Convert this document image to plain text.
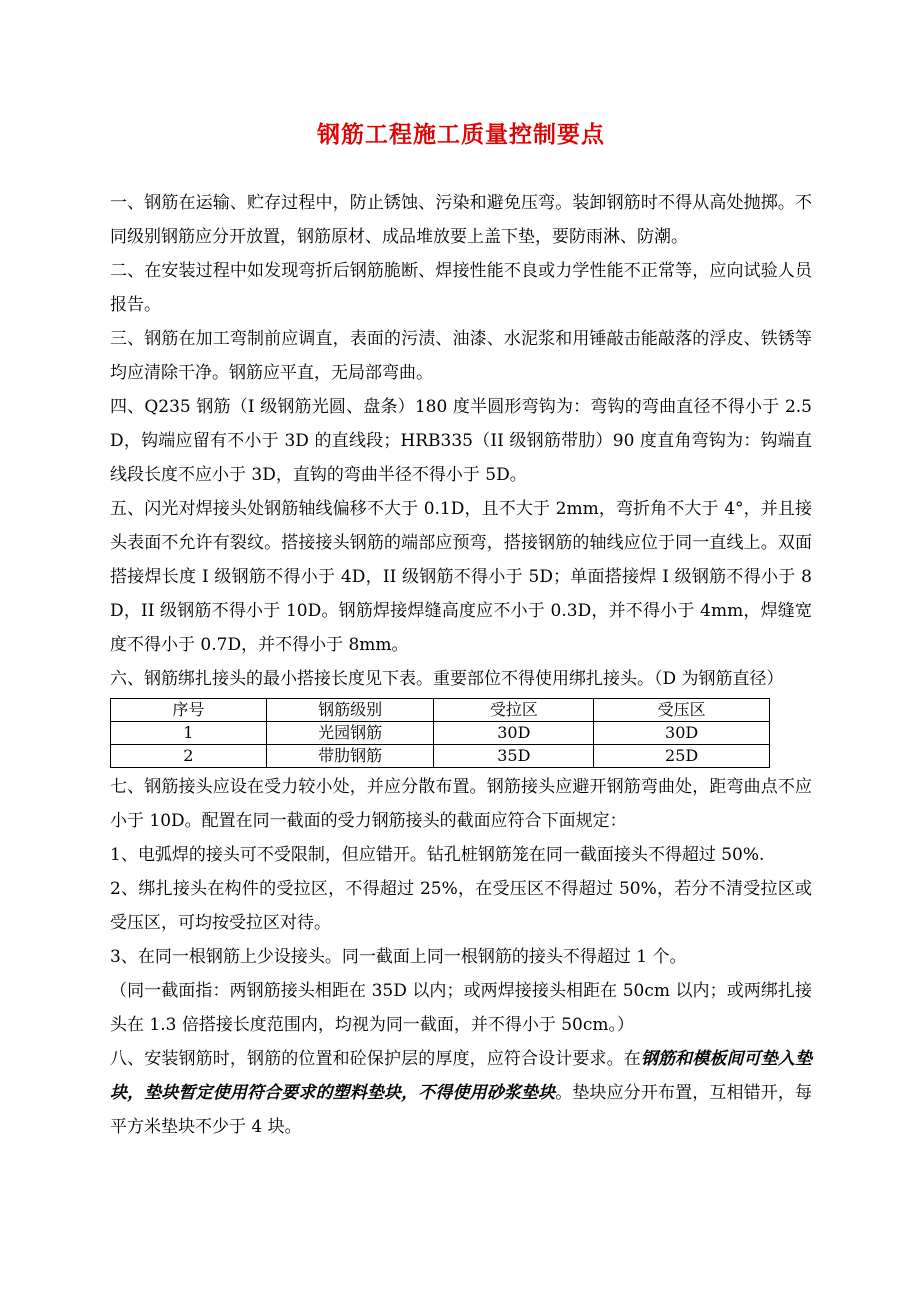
钢筋工程施工质量控制要点

一、钢筋在运输、贮存过程中，防止锈蚀、污染和避免压弯。装卸钢筋时不得从高处抛掷。不同级别钢筋应分开放置，钢筋原材、成品堆放要上盖下垫，要防雨淋、防潮。

二、在安装过程中如发现弯折后钢筋脆断、焊接性能不良或力学性能不正常等，应向试验人员报告。

三、钢筋在加工弯制前应调直，表面的污渍、油漆、水泥浆和用锤敲击能敲落的浮皮、铁锈等均应清除干净。钢筋应平直，无局部弯曲。

四、Q235 钢筋（I 级钢筋光圆、盘条）180 度半圆形弯钩为：弯钩的弯曲直径不得小于 2.5D，钩端应留有不小于 3D 的直线段；HRB335（II 级钢筋带肋）90 度直角弯钩为：钩端直线段长度不应小于 3D，直钩的弯曲半径不得小于 5D。

五、闪光对焊接头处钢筋轴线偏移不大于 0.1D，且不大于 2mm，弯折角不大于 4°，并且接头表面不允许有裂纹。搭接接头钢筋的端部应预弯，搭接钢筋的轴线应位于同一直线上。双面搭接焊长度 I 级钢筋不得小于 4D，II 级钢筋不得小于 5D；单面搭接焊 I 级钢筋不得小于 8D，II 级钢筋不得小于 10D。钢筋焊接焊缝高度应不小于 0.3D，并不得小于 4mm，焊缝宽度不得小于 0.7D，并不得小于 8mm。

六、钢筋绑扎接头的最小搭接长度见下表。重要部位不得使用绑扎接头。（D 为钢筋直径）

序号	钢筋级别	受拉区	受压区
1	光园钢筋	30D	30D
2	带肋钢筋	35D	25D

七、钢筋接头应设在受力较小处，并应分散布置。钢筋接头应避开钢筋弯曲处，距弯曲点不应小于 10D。配置在同一截面的受力钢筋接头的截面应符合下面规定：

1、电弧焊的接头可不受限制，但应错开。钻孔桩钢筋笼在同一截面接头不得超过 50%.

2、绑扎接头在构件的受拉区，不得超过 25%，在受压区不得超过 50%，若分不清受拉区或受压区，可均按受拉区对待。

3、在同一根钢筋上少设接头。同一截面上同一根钢筋的接头不得超过 1 个。

（同一截面指：两钢筋接头相距在 35D 以内；或两焊接接头相距在 50cm 以内；或两绑扎接头在 1.3 倍搭接长度范围内，均视为同一截面，并不得小于 50cm。）

八、安装钢筋时，钢筋的位置和砼保护层的厚度，应符合设计要求。在钢筋和模板间可垫入垫块，垫块暂定使用符合要求的塑料垫块，不得使用砂浆垫块。垫块应分开布置，互相错开，每平方米垫块不少于 4 块。
